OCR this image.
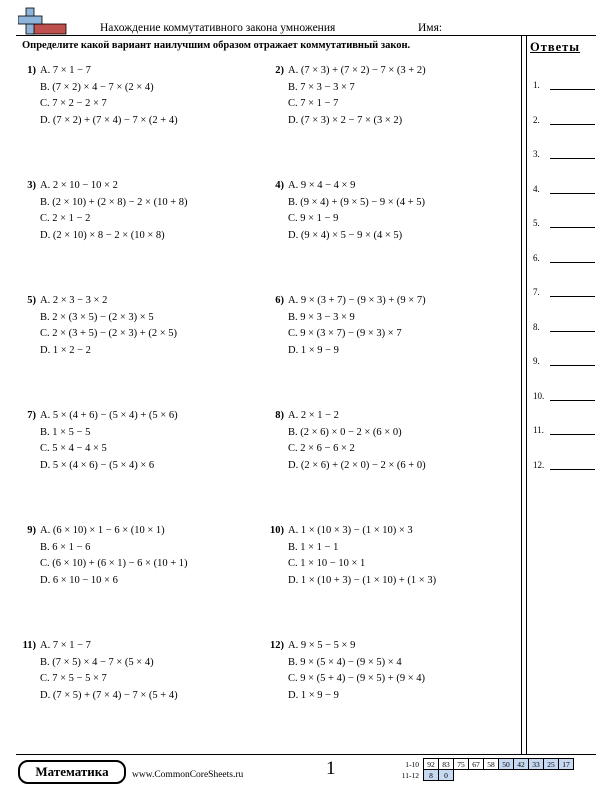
Нахождение коммутативного закона умножения	Имя:
Определите какой вариант наилучшим образом отражает коммутативный закон.	Ответы
1.
2.
3.
4.
5.
6.
7.
8.
9.
10.
11.
12.
1) A. 7 × 1 − 7
B. (7 × 2) × 4 − 7 × (2 × 4)
C. 7 × 2 − 2 × 7
D. (7 × 2) + (7 × 4) − 7 × (2 + 4)
2) A. (7 × 3) + (7 × 2) − 7 × (3 + 2)
B. 7 × 3 − 3 × 7
C. 7 × 1 − 7
D. (7 × 3) × 2 − 7 × (3 × 2)
3) A. 2 × 10 − 10 × 2
B. (2 × 10) + (2 × 8) − 2 × (10 + 8)
C. 2 × 1 − 2
D. (2 × 10) × 8 − 2 × (10 × 8)
4) A. 9 × 4 − 4 × 9
B. (9 × 4) + (9 × 5) − 9 × (4 + 5)
C. 9 × 1 − 9
D. (9 × 4) × 5 − 9 × (4 × 5)
5) A. 2 × 3 − 3 × 2
B. 2 × (3 × 5) − (2 × 3) × 5
C. 2 × (3 + 5) − (2 × 3) + (2 × 5)
D. 1 × 2 − 2
6) A. 9 × (3 + 7) − (9 × 3) + (9 × 7)
B. 9 × 3 − 3 × 9
C. 9 × (3 × 7) − (9 × 3) × 7
D. 1 × 9 − 9
7) A. 5 × (4 + 6) − (5 × 4) + (5 × 6)
B. 1 × 5 − 5
C. 5 × 4 − 4 × 5
D. 5 × (4 × 6) − (5 × 4) × 6
8) A. 2 × 1 − 2
B. (2 × 6) × 0 − 2 × (6 × 0)
C. 2 × 6 − 6 × 2
D. (2 × 6) + (2 × 0) − 2 × (6 + 0)
9) A. (6 × 10) × 1 − 6 × (10 × 1)
B. 6 × 1 − 6
C. (6 × 10) + (6 × 1) − 6 × (10 + 1)
D. 6 × 10 − 10 × 6
10) A. 1 × (10 × 3) − (1 × 10) × 3
B. 1 × 1 − 1
C. 1 × 10 − 10 × 1
D. 1 × (10 + 3) − (1 × 10) + (1 × 3)
11) A. 7 × 1 − 7
B. (7 × 5) × 4 − 7 × (5 × 4)
C. 7 × 5 − 5 × 7
D. (7 × 5) + (7 × 4) − 7 × (5 + 4)
12) A. 9 × 5 − 5 × 9
B. 9 × (5 × 4) − (9 × 5) × 4
C. 9 × (5 + 4) − (9 × 5) + (9 × 4)
D. 1 × 9 − 9
Математика	www.CommonCoreSheets.ru	1	1-10	92	83	75	67	58	50	42	33	25	17
11-12	8	0								
